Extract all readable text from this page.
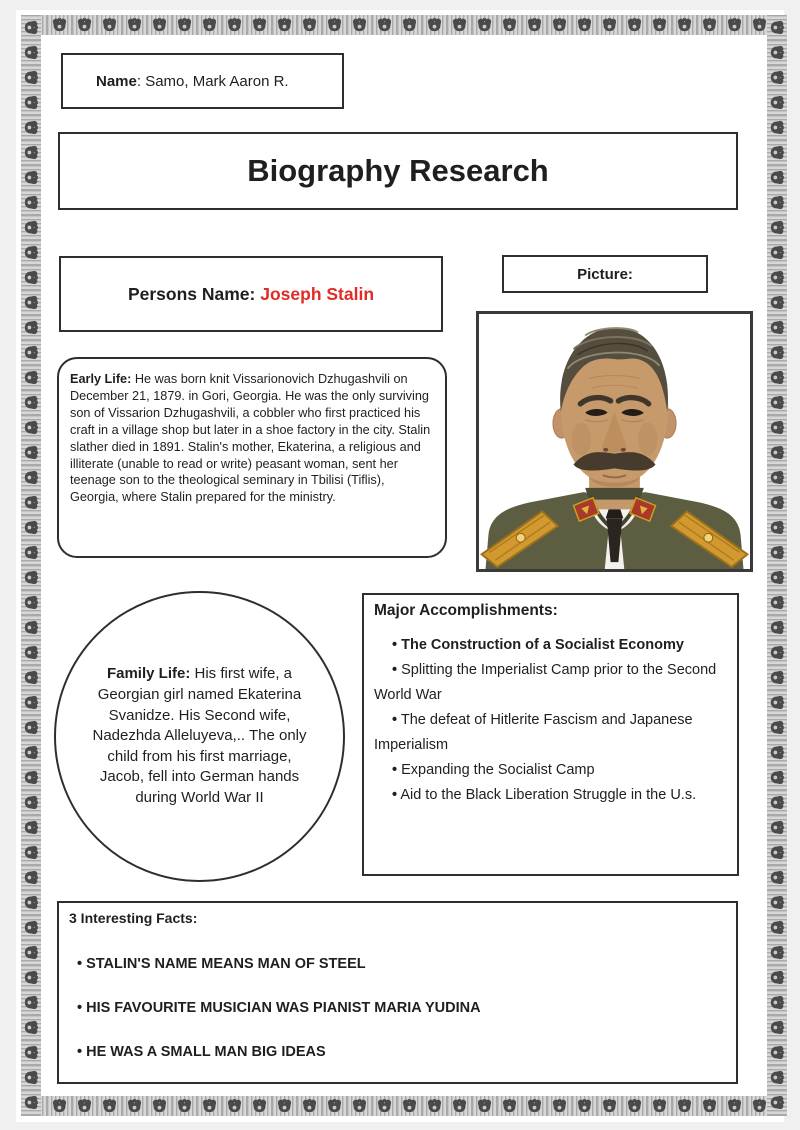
Name: Samo, Mark Aaron R.
Biography Research
Persons Name: Joseph Stalin
Picture:
Early Life: He was born knit Vissarionovich Dzhugashvili on December 21, 1879. in Gori, Georgia. He was the only surviving son of Vissarion Dzhugashvili, a cobbler who first practiced his craft in a village shop but later in a shoe factory in the city. Stalin slather died in 1891. Stalin's mother, Ekaterina, a religious and illiterate (unable to read or write) peasant woman, sent her teenage son to the theological seminary in Tbilisi (Tiflis), Georgia, where Stalin prepared for the ministry.
Family Life: His first wife, a Georgian girl named Ekaterina Svanidze. His Second wife, Nadezhda Alleluyeva,.. The only child from his first marriage, Jacob, fell into German hands during World War II

Major Accomplishments:

• The Construction of a Socialist Economy

• Splitting the Imperialist Camp prior to the Second World War

• The defeat of Hitlerite Fascism and Japanese Imperialism

• Expanding the Socialist Camp

• Aid to the Black Liberation Struggle in the U.s.

3 Interesting Facts:

• STALIN'S NAME MEANS MAN OF STEEL

• HIS FAVOURITE MUSICIAN WAS PIANIST MARIA YUDINA

• HE WAS A SMALL MAN BIG IDEAS
